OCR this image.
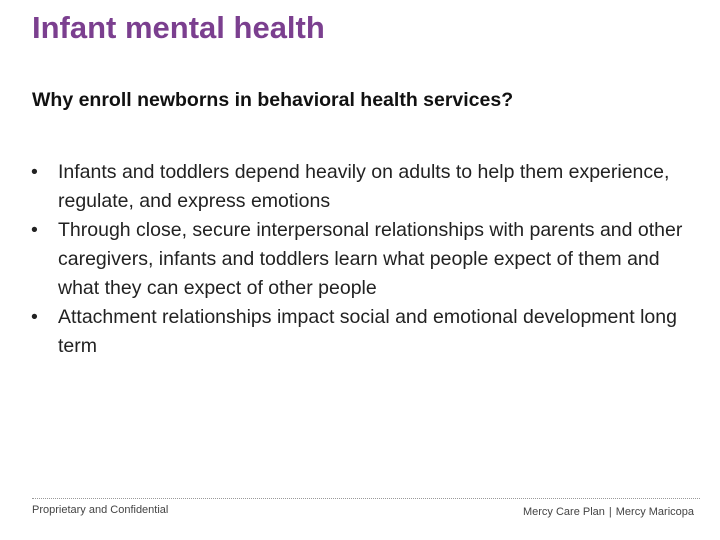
Infant mental health
Why enroll newborns in behavioral health services?
•	Infants and toddlers depend heavily on adults to help them experience, regulate, and express emotions
•	Through close, secure interpersonal relationships with parents and other caregivers, infants and toddlers learn what people expect of them and what they can expect of other people
•	Attachment relationships impact social and emotional development long term
Proprietary and Confidential	Mercy Care Plan | Mercy Maricopa
